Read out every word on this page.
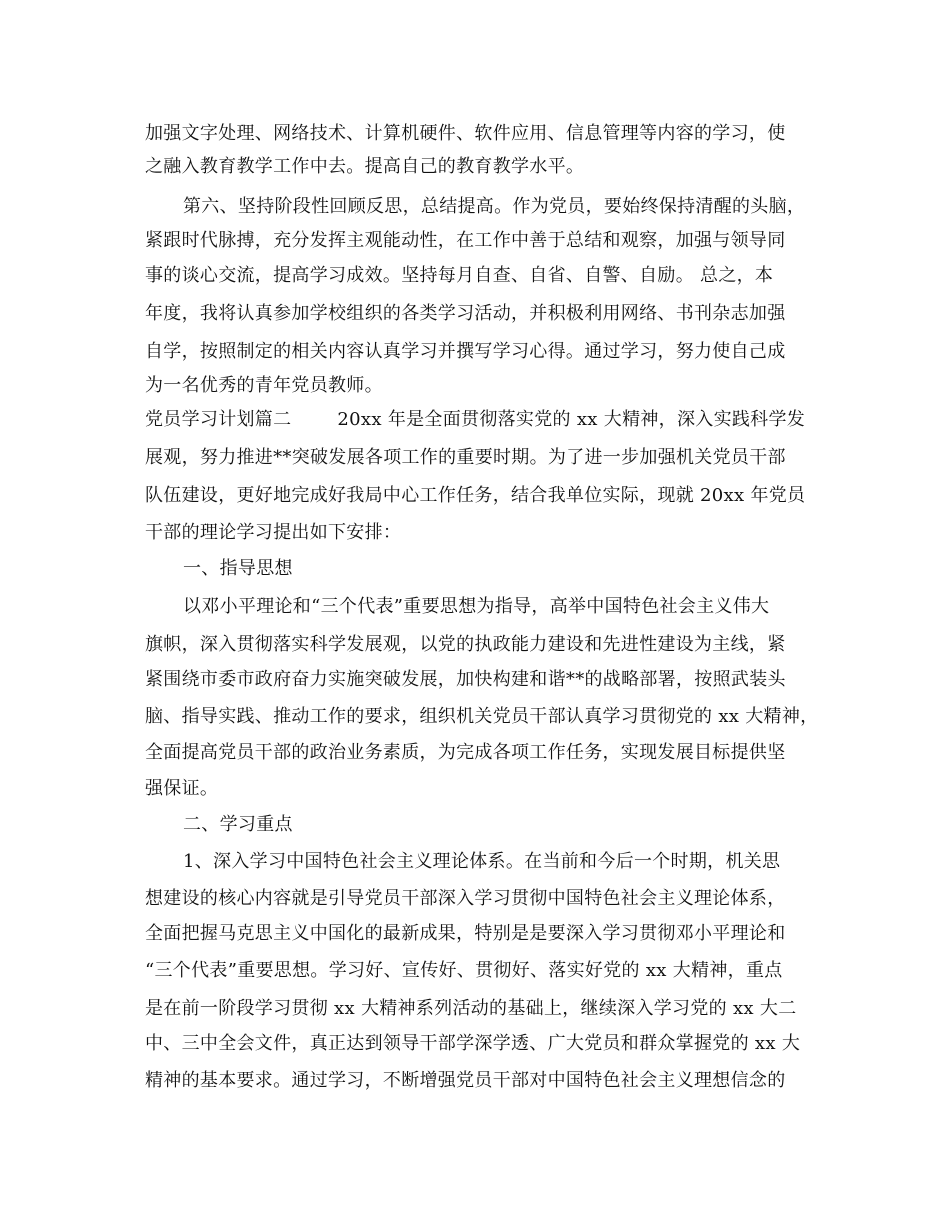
加强文字处理、网络技术、计算机硬件、软件应用、信息管理等内容的学习，使
之融入教育教学工作中去。提高自己的教育教学水平。
第六、坚持阶段性回顾反思，总结提高。作为党员，要始终保持清醒的头脑，
紧跟时代脉搏，充分发挥主观能动性，在工作中善于总结和观察，加强与领导同
事的谈心交流，提高学习成效。坚持每月自查、自省、自警、自励。 总之，本
年度，我将认真参加学校组织的各类学习活动，并积极利用网络、书刊杂志加强
自学，按照制定的相关内容认真学习并撰写学习心得。通过学习，努力使自己成
为一名优秀的青年党员教师。
党员学习计划篇二	20xx 年是全面贯彻落实党的 xx 大精神，深入实践科学发
展观，努力推进**突破发展各项工作的重要时期。为了进一步加强机关党员干部
队伍建设，更好地完成好我局中心工作任务，结合我单位实际，现就 20xx 年党员
干部的理论学习提出如下安排：
一、指导思想
以邓小平理论和“三个代表”重要思想为指导，高举中国特色社会主义伟大
旗帜，深入贯彻落实科学发展观，以党的执政能力建设和先进性建设为主线，紧
紧围绕市委市政府奋力实施突破发展，加快构建和谐**的战略部署，按照武装头
脑、指导实践、推动工作的要求，组织机关党员干部认真学习贯彻党的 xx 大精神，
全面提高党员干部的政治业务素质，为完成各项工作任务，实现发展目标提供坚
强保证。
二、学习重点
1、深入学习中国特色社会主义理论体系。在当前和今后一个时期，机关思
想建设的核心内容就是引导党员干部深入学习贯彻中国特色社会主义理论体系，
全面把握马克思主义中国化的最新成果，特别是是要深入学习贯彻邓小平理论和
“三个代表”重要思想。学习好、宣传好、贯彻好、落实好党的 xx 大精神，重点
是在前一阶段学习贯彻 xx 大精神系列活动的基础上，继续深入学习党的 xx 大二
中、三中全会文件，真正达到领导干部学深学透、广大党员和群众掌握党的 xx 大
精神的基本要求。通过学习，不断增强党员干部对中国特色社会主义理想信念的
